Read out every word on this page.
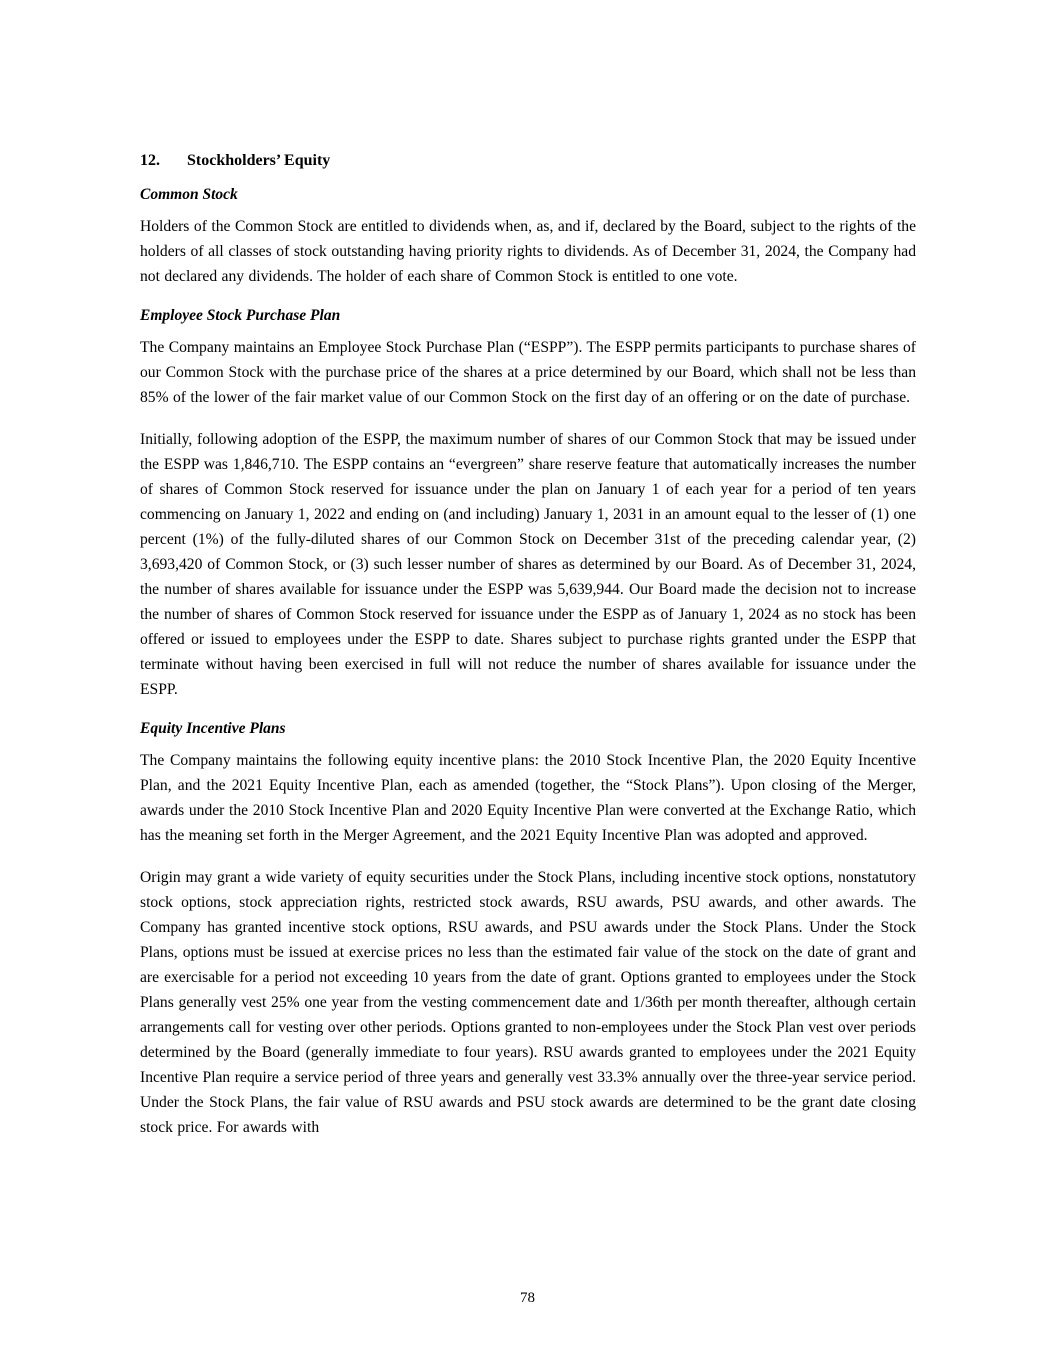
12. Stockholders’ Equity
Common Stock

Holders of the Common Stock are entitled to dividends when, as, and if, declared by the Board, subject to the rights of the holders of all classes of stock outstanding having priority rights to dividends. As of December 31, 2024, the Company had not declared any dividends. The holder of each share of Common Stock is entitled to one vote.

Employee Stock Purchase Plan

The Company maintains an Employee Stock Purchase Plan (“ESPP”). The ESPP permits participants to purchase shares of our Common Stock with the purchase price of the shares at a price determined by our Board, which shall not be less than 85% of the lower of the fair market value of our Common Stock on the first day of an offering or on the date of purchase.

Initially, following adoption of the ESPP, the maximum number of shares of our Common Stock that may be issued under the ESPP was 1,846,710. The ESPP contains an “evergreen” share reserve feature that automatically increases the number of shares of Common Stock reserved for issuance under the plan on January 1 of each year for a period of ten years commencing on January 1, 2022 and ending on (and including) January 1, 2031 in an amount equal to the lesser of (1) one percent (1%) of the fully-diluted shares of our Common Stock on December 31st of the preceding calendar year, (2) 3,693,420 of Common Stock, or (3) such lesser number of shares as determined by our Board. As of December 31, 2024, the number of shares available for issuance under the ESPP was 5,639,944. Our Board made the decision not to increase the number of shares of Common Stock reserved for issuance under the ESPP as of January 1, 2024 as no stock has been offered or issued to employees under the ESPP to date. Shares subject to purchase rights granted under the ESPP that terminate without having been exercised in full will not reduce the number of shares available for issuance under the ESPP.

Equity Incentive Plans

The Company maintains the following equity incentive plans: the 2010 Stock Incentive Plan, the 2020 Equity Incentive Plan, and the 2021 Equity Incentive Plan, each as amended (together, the “Stock Plans”). Upon closing of the Merger, awards under the 2010 Stock Incentive Plan and 2020 Equity Incentive Plan were converted at the Exchange Ratio, which has the meaning set forth in the Merger Agreement, and the 2021 Equity Incentive Plan was adopted and approved.

Origin may grant a wide variety of equity securities under the Stock Plans, including incentive stock options, nonstatutory stock options, stock appreciation rights, restricted stock awards, RSU awards, PSU awards, and other awards. The Company has granted incentive stock options, RSU awards, and PSU awards under the Stock Plans. Under the Stock Plans, options must be issued at exercise prices no less than the estimated fair value of the stock on the date of grant and are exercisable for a period not exceeding 10 years from the date of grant. Options granted to employees under the Stock Plans generally vest 25% one year from the vesting commencement date and 1/36th per month thereafter, although certain arrangements call for vesting over other periods. Options granted to non-employees under the Stock Plan vest over periods determined by the Board (generally immediate to four years). RSU awards granted to employees under the 2021 Equity Incentive Plan require a service period of three years and generally vest 33.3% annually over the three-year service period. Under the Stock Plans, the fair value of RSU awards and PSU stock awards are determined to be the grant date closing stock price. For awards with

78
